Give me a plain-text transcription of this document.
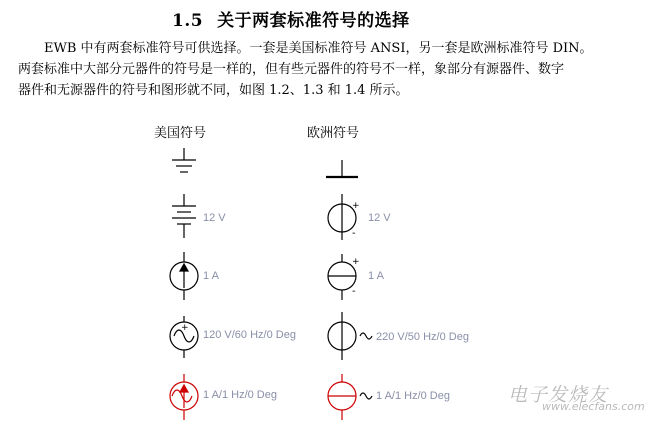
1.5 关于两套标准符号的选择
EWB 中有两套标准符号可供选择。一套是美国标准符号 ANSI，另一套是欧洲标准符号 DIN。
两套标准中大部分元器件的符号是一样的，但有些元器件的符号不一样，象部分有源器件、数字
器件和无源器件的符号和图形就不同，如图 1.2、1.3 和 1.4 所示。
美国符号	欧洲符号
+
+
-
+
-
12 V
1 A
120 V/60 Hz/0 Deg
1 A/1 Hz/0 Deg
12 V
1 A
220 V/50 Hz/0 Deg
1 A/1 Hz/0 Deg	电子发烧友
www.elecfans.com
